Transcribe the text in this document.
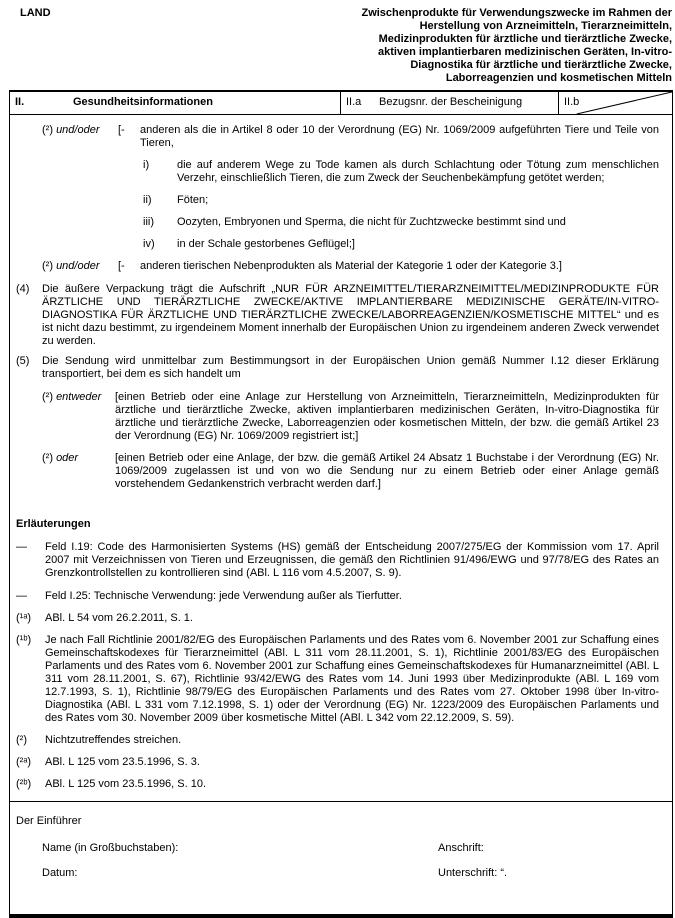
LAND	Zwischenprodukte für Verwendungszwecke im Rahmen der
Herstellung von Arzneimitteln, Tierarzneimitteln,
Medizinprodukten für ärztliche und tierärztliche Zwecke,
aktiven implantierbaren medizinischen Geräten, In-vitro-
Diagnostika für ärztliche und tierärztliche Zwecke,
Laborreagenzien und kosmetischen Mitteln
II.	Gesundheitsinformationen	II.a Bezugsnr. der Bescheinigung	II.b
(²) und/oder	[-	anderen als die in Artikel 8 oder 10 der Verordnung (EG) Nr. 1069/2009 aufgeführten Tiere und Teile von Tieren,
i)	die auf anderem Wege zu Tode kamen als durch Schlachtung oder Tötung zum menschlichen Verzehr, einschließlich Tieren, die zum Zweck der Seuchenbekämpfung getötet werden;
ii)	Föten;
iii)	Oozyten, Embryonen und Sperma, die nicht für Zuchtzwecke bestimmt sind und
iv)	in der Schale gestorbenes Geflügel;]
(²) und/oder	[-	anderen tierischen Nebenprodukten als Material der Kategorie 1 oder der Kategorie 3.]
(4)	Die äußere Verpackung trägt die Aufschrift „NUR FÜR ARZNEIMITTEL/TIERARZNEIMITTEL/MEDIZINPRODUKTE FÜR ÄRZTLICHE UND TIERÄRZTLICHE ZWECKE/AKTIVE IMPLANTIERBARE MEDIZINISCHE GERÄTE/IN-VITRO-DIAGNOSTIKA FÜR ÄRZTLICHE UND TIERÄRZTLICHE ZWECKE/LABORREAGENZIEN/KOSMETISCHE MITTEL“ und es ist nicht dazu bestimmt, zu irgendeinem Moment innerhalb der Europäischen Union zu irgendeinem anderen Zweck verwendet zu werden.
(5)	Die Sendung wird unmittelbar zum Bestimmungsort in der Europäischen Union gemäß Nummer I.12 dieser Erklärung transportiert, bei dem es sich handelt um
(²) entweder	[einen Betrieb oder eine Anlage zur Herstellung von Arzneimitteln, Tierarzneimitteln, Medizinprodukten für ärztliche und tierärztliche Zwecke, aktiven implantierbaren medizinischen Geräten, In-vitro-Diagnostika für ärztliche und tierärztliche Zwecke, Laborreagenzien oder kosmetischen Mitteln, der bzw. die gemäß Artikel 23 der Verordnung (EG) Nr. 1069/2009 registriert ist;]
(²) oder	[einen Betrieb oder eine Anlage, der bzw. die gemäß Artikel 24 Absatz 1 Buchstabe i der Verordnung (EG) Nr. 1069/2009 zugelassen ist und von wo die Sendung nur zu einem Betrieb oder einer Anlage gemäß vorstehendem Gedankenstrich verbracht werden darf.]
Erläuterungen
—	Feld I.19: Code des Harmonisierten Systems (HS) gemäß der Entscheidung 2007/275/EG der Kommission vom 17. April 2007 mit Verzeichnissen von Tieren und Erzeugnissen, die gemäß den Richtlinien 91/496/EWG und 97/78/EG des Rates an Grenzkontrollstellen zu kontrollieren sind (ABl. L 116 vom 4.5.2007, S. 9).
—	Feld I.25: Technische Verwendung: jede Verwendung außer als Tierfutter.
(¹ᵃ)	ABl. L 54 vom 26.2.2011, S. 1.
(¹ᵇ)	Je nach Fall Richtlinie 2001/82/EG des Europäischen Parlaments und des Rates vom 6. November 2001 zur Schaffung eines Gemeinschaftskodexes für Tierarzneimittel (ABl. L 311 vom 28.11.2001, S. 1), Richtlinie 2001/83/EG des Europäischen Parlaments und des Rates vom 6. November 2001 zur Schaffung eines Gemeinschaftskodexes für Humanarzneimittel (ABl. L 311 vom 28.11.2001, S. 67), Richtlinie 93/42/EWG des Rates vom 14. Juni 1993 über Medizinprodukte (ABl. L 169 vom 12.7.1993, S. 1), Richtlinie 98/79/EG des Europäischen Parlaments und des Rates vom 27. Oktober 1998 über In-vitro-Diagnostika (ABl. L 331 vom 7.12.1998, S. 1) oder der Verordnung (EG) Nr. 1223/2009 des Europäischen Parlaments und des Rates vom 30. November 2009 über kosmetische Mittel (ABl. L 342 vom 22.12.2009, S. 59).
(²)	Nichtzutreffendes streichen.
(²ᵃ)	ABl. L 125 vom 23.5.1996, S. 3.
(²ᵇ)	ABl. L 125 vom 23.5.1996, S. 10.
Der Einführer
Name (in Großbuchstaben):	Anschrift:
Datum:	Unterschrift: “.
